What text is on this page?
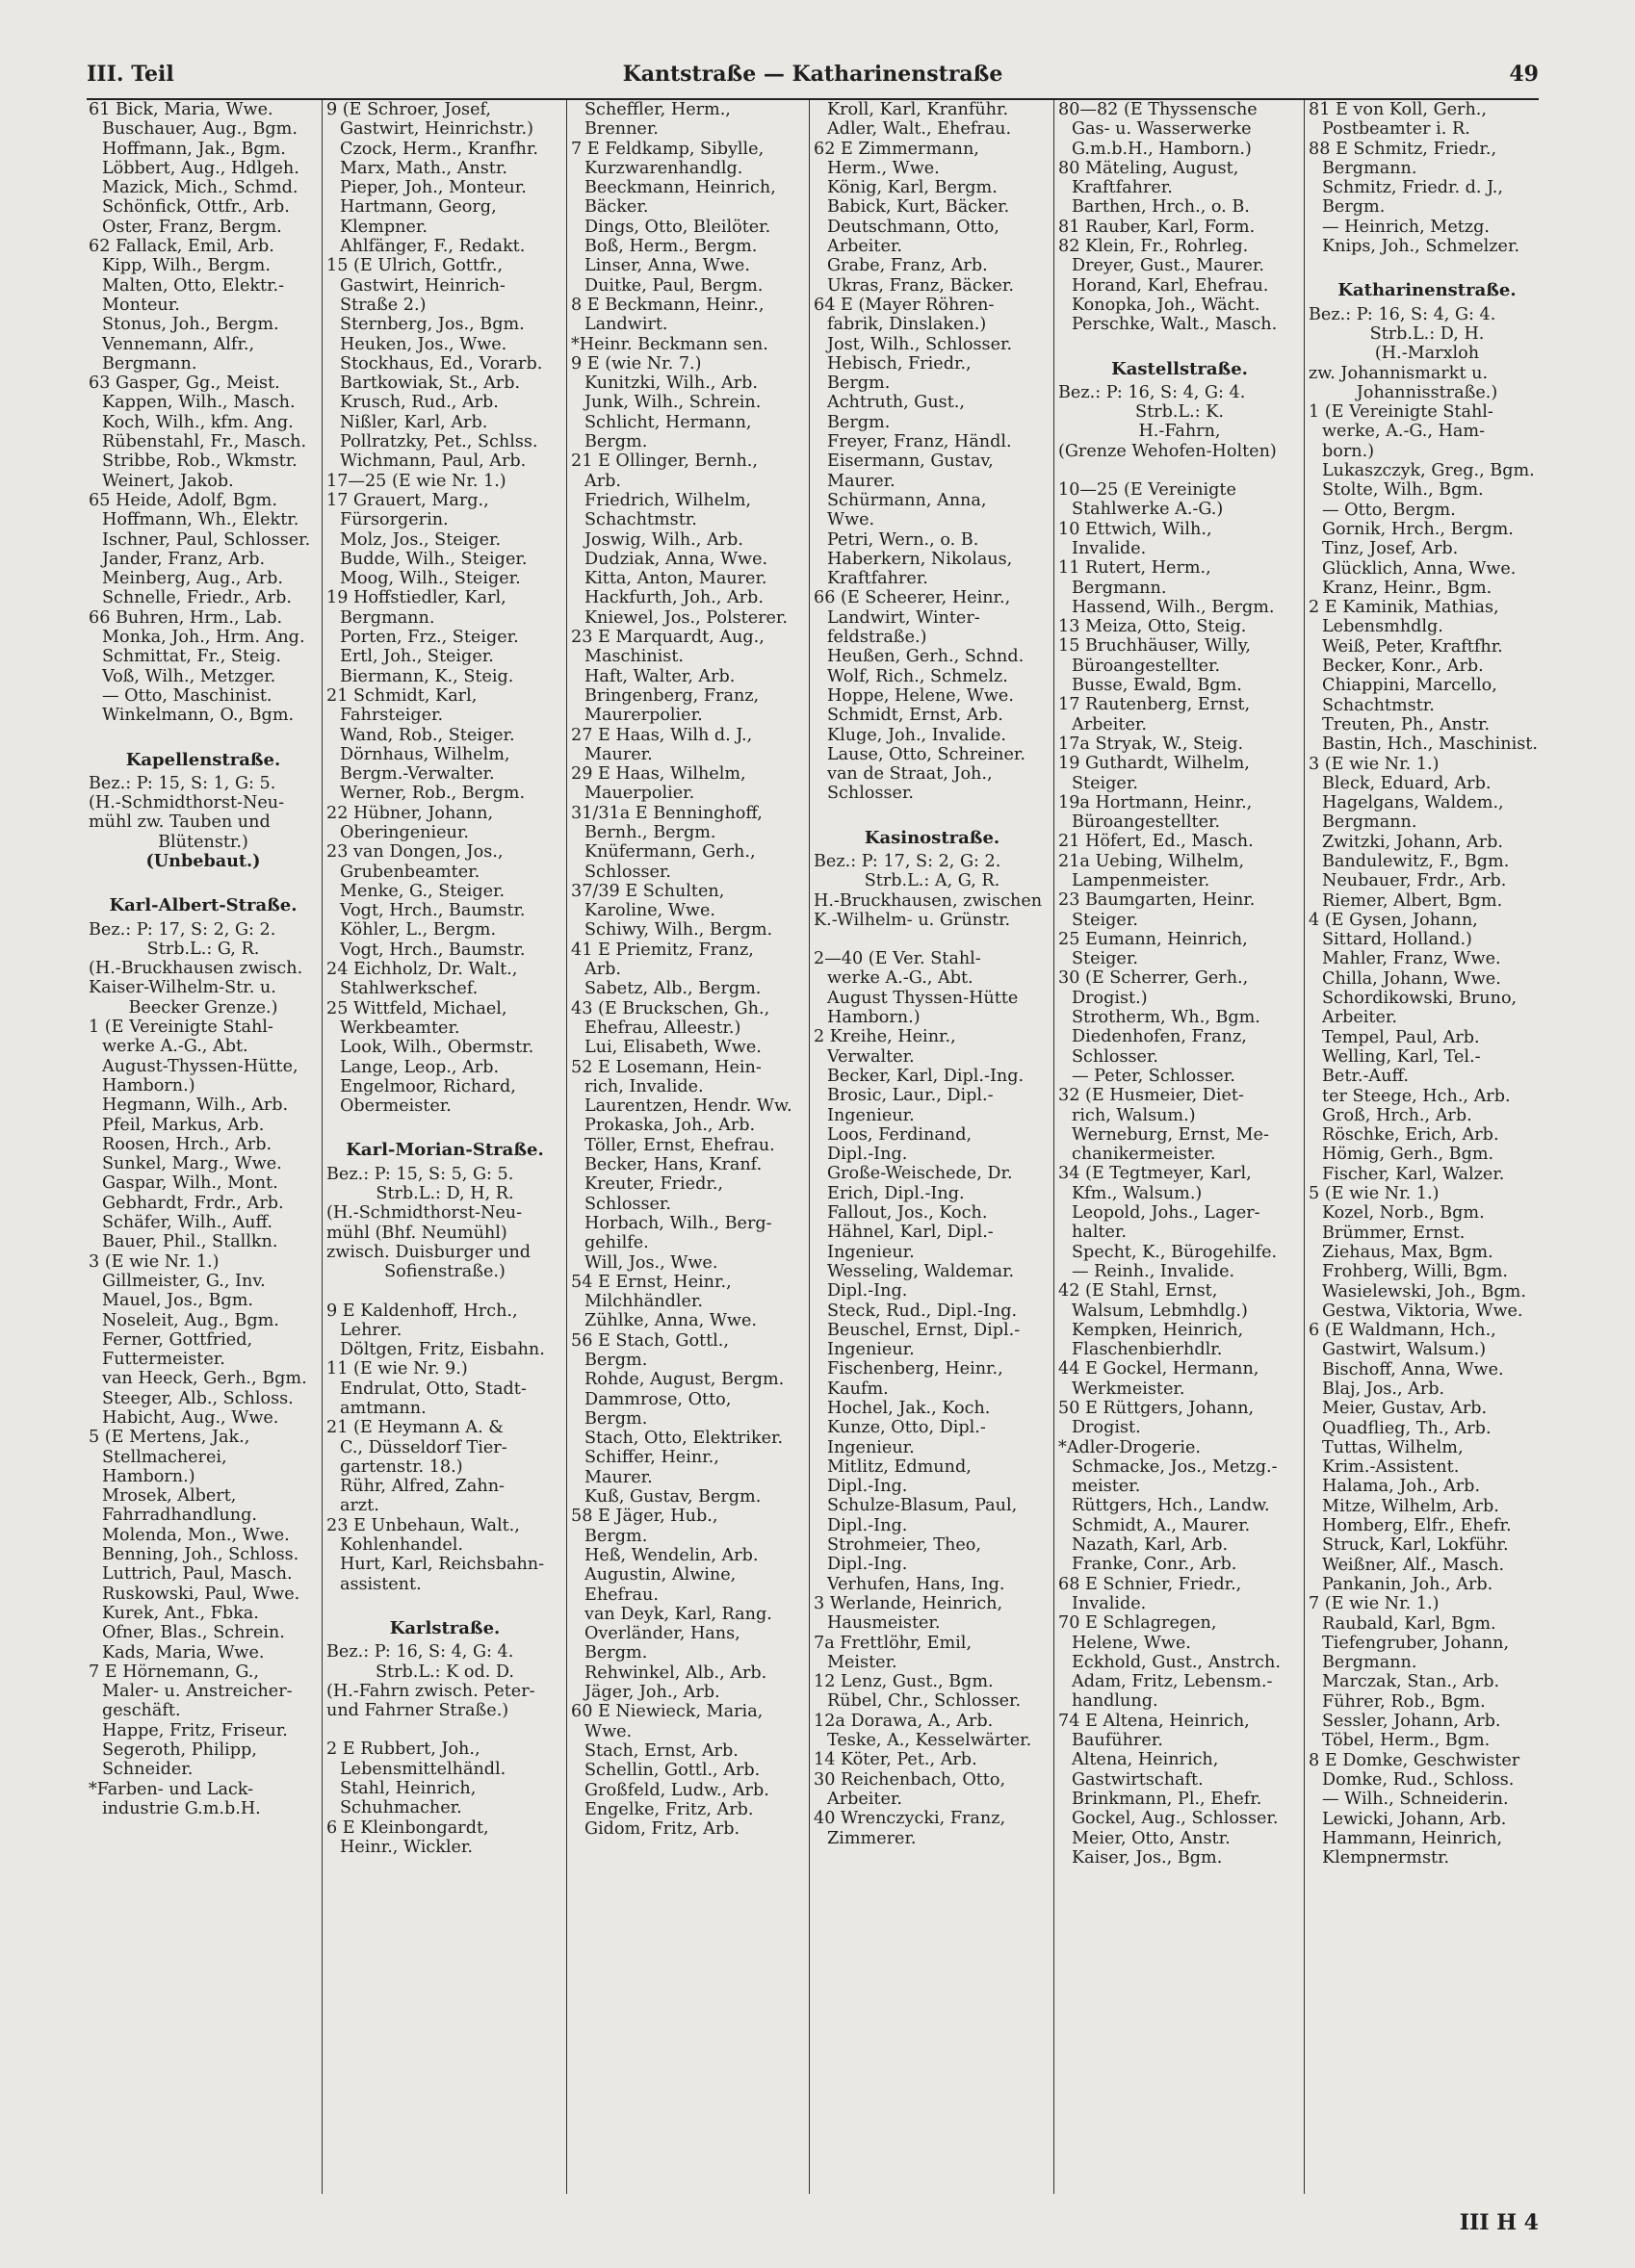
III. Teil	Kantstraße — Katharinenstraße	49
61 Bick, Maria, Wwe.
Buschauer, Aug., Bgm.
Hoffmann, Jak., Bgm.
Löbbert, Aug., Hdlgeh.
Mazick, Mich., Schmd.
Schönfick, Ottfr., Arb.
Oster, Franz, Bergm.
62 Fallack, Emil, Arb.
Kipp, Wilh., Bergm.
Malten, Otto, Elektr.-
Monteur.
Stonus, Joh., Bergm.
Vennemann, Alfr.,
Bergmann.
63 Gasper, Gg., Meist.
Kappen, Wilh., Masch.
Koch, Wilh., kfm. Ang.
Rübenstahl, Fr., Masch.
Stribbe, Rob., Wkmstr.
Weinert, Jakob.
65 Heide, Adolf, Bgm.
Hoffmann, Wh., Elektr.
Ischner, Paul, Schlosser.
Jander, Franz, Arb.
Meinberg, Aug., Arb.
Schnelle, Friedr., Arb.
66 Buhren, Hrm., Lab.
Monka, Joh., Hrm. Ang.
Schmittat, Fr., Steig.
Voß, Wilh., Metzger.
— Otto, Maschinist.
Winkelmann, O., Bgm.
Kapellenstraße.
Bez.: P: 15, S: 1, G: 5.
(H.-Schmidthorst-Neu-
mühl zw. Tauben und
Blütenstr.)
(Unbebaut.)
Karl-Albert-Straße.
Bez.: P: 17, S: 2, G: 2.
Strb.L.: G, R.
(H.-Bruckhausen zwisch.
Kaiser-Wilhelm-Str. u.
Beecker Grenze.)
1 (E Vereinigte Stahl-
werke A.-G., Abt.
August-Thyssen-Hütte,
Hamborn.)
Hegmann, Wilh., Arb.
Pfeil, Markus, Arb.
Roosen, Hrch., Arb.
Sunkel, Marg., Wwe.
Gaspar, Wilh., Mont.
Gebhardt, Frdr., Arb.
Schäfer, Wilh., Auff.
Bauer, Phil., Stallkn.
3 (E wie Nr. 1.)
Gillmeister, G., Inv.
Mauel, Jos., Bgm.
Noseleit, Aug., Bgm.
Ferner, Gottfried,
Futtermeister.
van Heeck, Gerh., Bgm.
Steeger, Alb., Schloss.
Habicht, Aug., Wwe.
5 (E Mertens, Jak.,
Stellmacherei,
Hamborn.)
Mrosek, Albert,
Fahrradhandlung.
Molenda, Mon., Wwe.
Benning, Joh., Schloss.
Luttrich, Paul, Masch.
Ruskowski, Paul, Wwe.
Kurek, Ant., Fbka.
Ofner, Blas., Schrein.
Kads, Maria, Wwe.
7 E Hörnemann, G.,
Maler- u. Anstreicher-
geschäft.
Happe, Fritz, Friseur.
Segeroth, Philipp,
Schneider.
*Farben- und Lack-
industrie G.m.b.H.
9 (E Schroer, Josef,
Gastwirt, Heinrichstr.)
Czock, Herm., Kranfhr.
Marx, Math., Anstr.
Pieper, Joh., Monteur.
Hartmann, Georg,
Klempner.
Ahlfänger, F., Redakt.
15 (E Ulrich, Gottfr.,
Gastwirt, Heinrich-
Straße 2.)
Sternberg, Jos., Bgm.
Heuken, Jos., Wwe.
Stockhaus, Ed., Vorarb.
Bartkowiak, St., Arb.
Krusch, Rud., Arb.
Nißler, Karl, Arb.
Pollratzky, Pet., Schlss.
Wichmann, Paul, Arb.
17—25 (E wie Nr. 1.)
17 Grauert, Marg.,
Fürsorgerin.
Molz, Jos., Steiger.
Budde, Wilh., Steiger.
Moog, Wilh., Steiger.
19 Hoffstiedler, Karl,
Bergmann.
Porten, Frz., Steiger.
Ertl, Joh., Steiger.
Biermann, K., Steig.
21 Schmidt, Karl,
Fahrsteiger.
Wand, Rob., Steiger.
Dörnhaus, Wilhelm,
Bergm.-Verwalter.
Werner, Rob., Bergm.
22 Hübner, Johann,
Oberingenieur.
23 van Dongen, Jos.,
Grubenbeamter.
Menke, G., Steiger.
Vogt, Hrch., Baumstr.
Köhler, L., Bergm.
Vogt, Hrch., Baumstr.
24 Eichholz, Dr. Walt.,
Stahlwerkschef.
25 Wittfeld, Michael,
Werkbeamter.
Look, Wilh., Obermstr.
Lange, Leop., Arb.
Engelmoor, Richard,
Obermeister.
Karl-Morian-Straße.
Bez.: P: 15, S: 5, G: 5.
Strb.L.: D, H, R.
(H.-Schmidthorst-Neu-
mühl (Bhf. Neumühl)
zwisch. Duisburger und
Sofienstraße.)
9 E Kaldenhoff, Hrch.,
Lehrer.
Döltgen, Fritz, Eisbahn.
11 (E wie Nr. 9.)
Endrulat, Otto, Stadt-
amtmann.
21 (E Heymann A. &
C., Düsseldorf Tier-
gartenstr. 18.)
Rühr, Alfred, Zahn-
arzt.
23 E Unbehaun, Walt.,
Kohlenhandel.
Hurt, Karl, Reichsbahn-
assistent.
Karlstraße.
Bez.: P: 16, S: 4, G: 4.
Strb.L.: K od. D.
(H.-Fahrn zwisch. Peter-
und Fahrner Straße.)
2 E Rubbert, Joh.,
Lebensmittelhändl.
Stahl, Heinrich,
Schuhmacher.
6 E Kleinbongardt,
Heinr., Wickler.
Scheffler, Herm.,
Brenner.
7 E Feldkamp, Sibylle,
Kurzwarenhandlg.
Beeckmann, Heinrich,
Bäcker.
Dings, Otto, Bleilöter.
Boß, Herm., Bergm.
Linser, Anna, Wwe.
Duitke, Paul, Bergm.
8 E Beckmann, Heinr.,
Landwirt.
*Heinr. Beckmann sen.
9 E (wie Nr. 7.)
Kunitzki, Wilh., Arb.
Junk, Wilh., Schrein.
Schlicht, Hermann,
Bergm.
21 E Ollinger, Bernh.,
Arb.
Friedrich, Wilhelm,
Schachtmstr.
Joswig, Wilh., Arb.
Dudziak, Anna, Wwe.
Kitta, Anton, Maurer.
Hackfurth, Joh., Arb.
Kniewel, Jos., Polsterer.
23 E Marquardt, Aug.,
Maschinist.
Haft, Walter, Arb.
Bringenberg, Franz,
Maurerpolier.
27 E Haas, Wilh d. J.,
Maurer.
29 E Haas, Wilhelm,
Mauerpolier.
31/31a E Benninghoff,
Bernh., Bergm.
Knüfermann, Gerh.,
Schlosser.
37/39 E Schulten,
Karoline, Wwe.
Schiwy, Wilh., Bergm.
41 E Priemitz, Franz,
Arb.
Sabetz, Alb., Bergm.
43 (E Bruckschen, Gh.,
Ehefrau, Alleestr.)
Lui, Elisabeth, Wwe.
52 E Losemann, Hein-
rich, Invalide.
Laurentzen, Hendr. Ww.
Prokaska, Joh., Arb.
Töller, Ernst, Ehefrau.
Becker, Hans, Kranf.
Kreuter, Friedr.,
Schlosser.
Horbach, Wilh., Berg-
gehilfe.
Will, Jos., Wwe.
54 E Ernst, Heinr.,
Milchhändler.
Zühlke, Anna, Wwe.
56 E Stach, Gottl.,
Bergm.
Rohde, August, Bergm.
Dammrose, Otto,
Bergm.
Stach, Otto, Elektriker.
Schiffer, Heinr.,
Maurer.
Kuß, Gustav, Bergm.
58 E Jäger, Hub.,
Bergm.
Heß, Wendelin, Arb.
Augustin, Alwine,
Ehefrau.
van Deyk, Karl, Rang.
Overländer, Hans,
Bergm.
Rehwinkel, Alb., Arb.
Jäger, Joh., Arb.
60 E Niewieck, Maria,
Wwe.
Stach, Ernst, Arb.
Schellin, Gottl., Arb.
Großfeld, Ludw., Arb.
Engelke, Fritz, Arb.
Gidom, Fritz, Arb.
Kroll, Karl, Kranführ.
Adler, Walt., Ehefrau.
62 E Zimmermann,
Herm., Wwe.
König, Karl, Bergm.
Babick, Kurt, Bäcker.
Deutschmann, Otto,
Arbeiter.
Grabe, Franz, Arb.
Ukras, Franz, Bäcker.
64 E (Mayer Röhren-
fabrik, Dinslaken.)
Jost, Wilh., Schlosser.
Hebisch, Friedr.,
Bergm.
Achtruth, Gust.,
Bergm.
Freyer, Franz, Händl.
Eisermann, Gustav,
Maurer.
Schürmann, Anna,
Wwe.
Petri, Wern., o. B.
Haberkern, Nikolaus,
Kraftfahrer.
66 (E Scheerer, Heinr.,
Landwirt, Winter-
feldstraße.)
Heußen, Gerh., Schnd.
Wolf, Rich., Schmelz.
Hoppe, Helene, Wwe.
Schmidt, Ernst, Arb.
Kluge, Joh., Invalide.
Lause, Otto, Schreiner.
van de Straat, Joh.,
Schlosser.
Kasinostraße.
Bez.: P: 17, S: 2, G: 2.
Strb.L.: A, G, R.
H.-Bruckhausen, zwischen
K.-Wilhelm- u. Grünstr.
2—40 (E Ver. Stahl-
werke A.-G., Abt.
August Thyssen-Hütte
Hamborn.)
2 Kreihe, Heinr.,
Verwalter.
Becker, Karl, Dipl.-Ing.
Brosic, Laur., Dipl.-
Ingenieur.
Loos, Ferdinand,
Dipl.-Ing.
Große-Weischede, Dr.
Erich, Dipl.-Ing.
Fallout, Jos., Koch.
Hähnel, Karl, Dipl.-
Ingenieur.
Wesseling, Waldemar.
Dipl.-Ing.
Steck, Rud., Dipl.-Ing.
Beuschel, Ernst, Dipl.-
Ingenieur.
Fischenberg, Heinr.,
Kaufm.
Hochel, Jak., Koch.
Kunze, Otto, Dipl.-
Ingenieur.
Mitlitz, Edmund,
Dipl.-Ing.
Schulze-Blasum, Paul,
Dipl.-Ing.
Strohmeier, Theo,
Dipl.-Ing.
Verhufen, Hans, Ing.
3 Werlande, Heinrich,
Hausmeister.
7a Frettlöhr, Emil,
Meister.
12 Lenz, Gust., Bgm.
Rübel, Chr., Schlosser.
12a Dorawa, A., Arb.
Teske, A., Kesselwärter.
14 Köter, Pet., Arb.
30 Reichenbach, Otto,
Arbeiter.
40 Wrenczycki, Franz,
Zimmerer.
80—82 (E Thyssensche
Gas- u. Wasserwerke
G.m.b.H., Hamborn.)
80 Mäteling, August,
Kraftfahrer.
Barthen, Hrch., o. B.
81 Rauber, Karl, Form.
82 Klein, Fr., Rohrleg.
Dreyer, Gust., Maurer.
Horand, Karl, Ehefrau.
Konopka, Joh., Wächt.
Perschke, Walt., Masch.
Kastellstraße.
Bez.: P: 16, S: 4, G: 4.
Strb.L.: K.
H.-Fahrn,
(Grenze Wehofen-Holten)
10—25 (E Vereinigte
Stahlwerke A.-G.)
10 Ettwich, Wilh.,
Invalide.
11 Rutert, Herm.,
Bergmann.
Hassend, Wilh., Bergm.
13 Meiza, Otto, Steig.
15 Bruchhäuser, Willy,
Büroangestellter.
Busse, Ewald, Bgm.
17 Rautenberg, Ernst,
Arbeiter.
17a Stryak, W., Steig.
19 Guthardt, Wilhelm,
Steiger.
19a Hortmann, Heinr.,
Büroangestellter.
21 Höfert, Ed., Masch.
21a Uebing, Wilhelm,
Lampenmeister.
23 Baumgarten, Heinr.
Steiger.
25 Eumann, Heinrich,
Steiger.
30 (E Scherrer, Gerh.,
Drogist.)
Strotherm, Wh., Bgm.
Diedenhofen, Franz,
Schlosser.
— Peter, Schlosser.
32 (E Husmeier, Diet-
rich, Walsum.)
Werneburg, Ernst, Me-
chanikermeister.
34 (E Tegtmeyer, Karl,
Kfm., Walsum.)
Leopold, Johs., Lager-
halter.
Specht, K., Bürogehilfe.
— Reinh., Invalide.
42 (E Stahl, Ernst,
Walsum, Lebmhdlg.)
Kempken, Heinrich,
Flaschenbierhdlr.
44 E Gockel, Hermann,
Werkmeister.
50 E Rüttgers, Johann,
Drogist.
*Adler-Drogerie.
Schmacke, Jos., Metzg.-
meister.
Rüttgers, Hch., Landw.
Schmidt, A., Maurer.
Nazath, Karl, Arb.
Franke, Conr., Arb.
68 E Schnier, Friedr.,
Invalide.
70 E Schlagregen,
Helene, Wwe.
Eckhold, Gust., Anstrch.
Adam, Fritz, Lebensm.-
handlung.
74 E Altena, Heinrich,
Bauführer.
Altena, Heinrich,
Gastwirtschaft.
Brinkmann, Pl., Ehefr.
Gockel, Aug., Schlosser.
Meier, Otto, Anstr.
Kaiser, Jos., Bgm.
81 E von Koll, Gerh.,
Postbeamter i. R.
88 E Schmitz, Friedr.,
Bergmann.
Schmitz, Friedr. d. J.,
Bergm.
— Heinrich, Metzg.
Knips, Joh., Schmelzer.
Katharinenstraße.
Bez.: P: 16, S: 4, G: 4.
Strb.L.: D, H.
(H.-Marxloh
zw. Johannismarkt u.
Johannisstraße.)
1 (E Vereinigte Stahl-
werke, A.-G., Ham-
born.)
Lukaszczyk, Greg., Bgm.
Stolte, Wilh., Bgm.
— Otto, Bergm.
Gornik, Hrch., Bergm.
Tinz, Josef, Arb.
Glücklich, Anna, Wwe.
Kranz, Heinr., Bgm.
2 E Kaminik, Mathias,
Lebensmhdlg.
Weiß, Peter, Kraftfhr.
Becker, Konr., Arb.
Chiappini, Marcello,
Schachtmstr.
Treuten, Ph., Anstr.
Bastin, Hch., Maschinist.
3 (E wie Nr. 1.)
Bleck, Eduard, Arb.
Hagelgans, Waldem.,
Bergmann.
Zwitzki, Johann, Arb.
Bandulewitz, F., Bgm.
Neubauer, Frdr., Arb.
Riemer, Albert, Bgm.
4 (E Gysen, Johann,
Sittard, Holland.)
Mahler, Franz, Wwe.
Chilla, Johann, Wwe.
Schordikowski, Bruno,
Arbeiter.
Tempel, Paul, Arb.
Welling, Karl, Tel.-
Betr.-Auff.
ter Steege, Hch., Arb.
Groß, Hrch., Arb.
Röschke, Erich, Arb.
Hömig, Gerh., Bgm.
Fischer, Karl, Walzer.
5 (E wie Nr. 1.)
Kozel, Norb., Bgm.
Brümmer, Ernst.
Ziehaus, Max, Bgm.
Frohberg, Willi, Bgm.
Wasielewski, Joh., Bgm.
Gestwa, Viktoria, Wwe.
6 (E Waldmann, Hch.,
Gastwirt, Walsum.)
Bischoff, Anna, Wwe.
Blaj, Jos., Arb.
Meier, Gustav, Arb.
Quadflieg, Th., Arb.
Tuttas, Wilhelm,
Krim.-Assistent.
Halama, Joh., Arb.
Mitze, Wilhelm, Arb.
Homberg, Elfr., Ehefr.
Struck, Karl, Lokführ.
Weißner, Alf., Masch.
Pankanin, Joh., Arb.
7 (E wie Nr. 1.)
Raubald, Karl, Bgm.
Tiefengruber, Johann,
Bergmann.
Marczak, Stan., Arb.
Führer, Rob., Bgm.
Sessler, Johann, Arb.
Töbel, Herm., Bgm.
8 E Domke, Geschwister
Domke, Rud., Schloss.
— Wilh., Schneiderin.
Lewicki, Johann, Arb.
Hammann, Heinrich,
Klempnermstr.
III H 4
